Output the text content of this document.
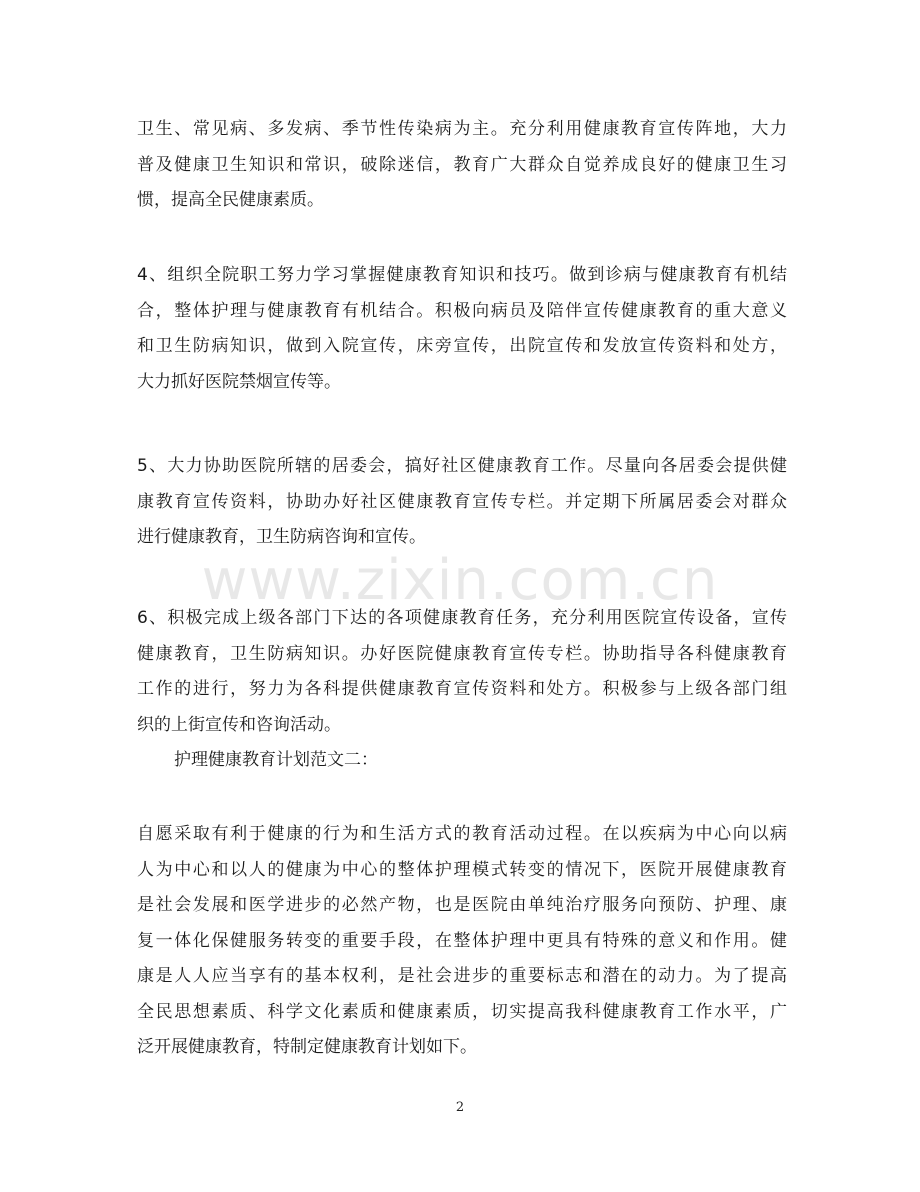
卫生、常见病、多发病、季节性传染病为主。充分利用健康教育宣传阵地，大力
普及健康卫生知识和常识，破除迷信，教育广大群众自觉养成良好的健康卫生习
惯，提高全民健康素质。
4、组织全院职工努力学习掌握健康教育知识和技巧。做到诊病与健康教育有机结
合，整体护理与健康教育有机结合。积极向病员及陪伴宣传健康教育的重大意义
和卫生防病知识，做到入院宣传，床旁宣传，出院宣传和发放宣传资料和处方，
大力抓好医院禁烟宣传等。
5、大力协助医院所辖的居委会，搞好社区健康教育工作。尽量向各居委会提供健
康教育宣传资料，协助办好社区健康教育宣传专栏。并定期下所属居委会对群众
进行健康教育，卫生防病咨询和宣传。
6、积极完成上级各部门下达的各项健康教育任务，充分利用医院宣传设备，宣传
健康教育，卫生防病知识。办好医院健康教育宣传专栏。协助指导各科健康教育
工作的进行，努力为各科提供健康教育宣传资料和处方。积极参与上级各部门组
织的上街宣传和咨询活动。
护理健康教育计划范文二：
自愿采取有利于健康的行为和生活方式的教育活动过程。在以疾病为中心向以病
人为中心和以人的健康为中心的整体护理模式转变的情况下，医院开展健康教育
是社会发展和医学进步的必然产物，也是医院由单纯治疗服务向预防、护理、康
复一体化保健服务转变的重要手段，在整体护理中更具有特殊的意义和作用。健
康是人人应当享有的基本权利，是社会进步的重要标志和潜在的动力。为了提高
全民思想素质、科学文化素质和健康素质，切实提高我科健康教育工作水平，广
泛开展健康教育，特制定健康教育计划如下。
www.zixin.com.cn
2
